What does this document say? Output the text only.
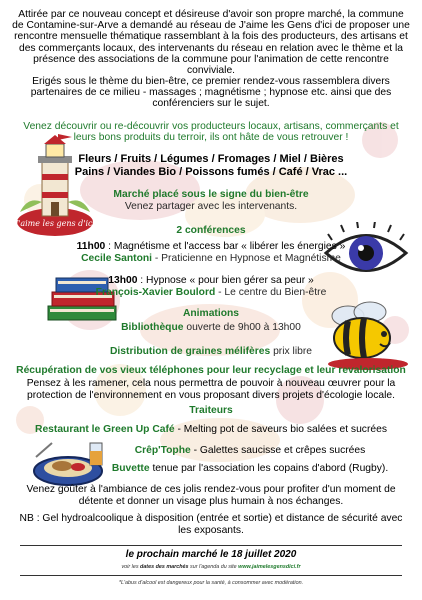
Attirée par ce nouveau concept et désireuse d'avoir son propre marché, la commune de Contamine-sur-Arve a demandé au réseau de J'aime les Gens d'ici de proposer une rencontre mensuelle thématique rassemblant à la fois des producteurs, des artisans et des commerçants locaux, des intervenants du réseau en relation avec le thème et la présence des associations de la commune pour l'animation de cette rencontre conviviale.
Erigés sous le thème du bien-être, ce premier rendez-vous rassemblera divers partenaires de ce milieu - massages ; magnétisme ; hypnose etc. ainsi que des conférenciers sur le sujet.
Venez découvrir ou re-découvrir vos producteurs locaux, artisans, commerçants et leurs bons produits du terroir, ils ont hâte de vous retrouver !
J'aime les gens d'ici
Fleurs / Fruits / Légumes / Fromages / Miel / Bières
Pains / Viandes Bio / Poissons fumés / Café / Vrac ...
Marché placé sous le signe du bien-être
Venez partager avec les intervenants.
2 conférences
11h00 : Magnétisme et l'access bar « libérer les énergies »
Cecile Santoni - Praticienne en Hypnose et Magnétisme
13h00 : Hypnose « pour bien gérer sa peur »
François-Xavier Boulord - Le centre du Bien-être
Animations
Bibliothèque ouverte de 9h00 à 13h00
Distribution de graines mélifères prix libre
Récupération de vos vieux téléphones pour leur recyclage et leur revalorisation
Pensez à les ramener, cela nous permettra de pouvoir à nouveau œuvrer pour la protection de l'environnement en vous proposant divers projets d'écologie locale.
Traiteurs
Restaurant le Green Up Café - Melting pot de saveurs bio salées et sucrées
Crêp'Tophe - Galettes saucisse et crêpes sucrées
Buvette tenue par l'association les copains d'abord (Rugby).
Venez goûter à l'ambiance de ces jolis rendez-vous pour profiter d'un moment de détente et donner un visage plus humain à nos échanges.
NB : Gel hydroalcoolique à disposition (entrée et sortie) et distance de sécurité avec les exposants.
le prochain marché le 18 juillet 2020
voir les dates des marchés sur l'agenda du site www.jaimelesgensdici.fr
*L'abus d'alcool est dangereux pour la santé, à consommer avec modération.
